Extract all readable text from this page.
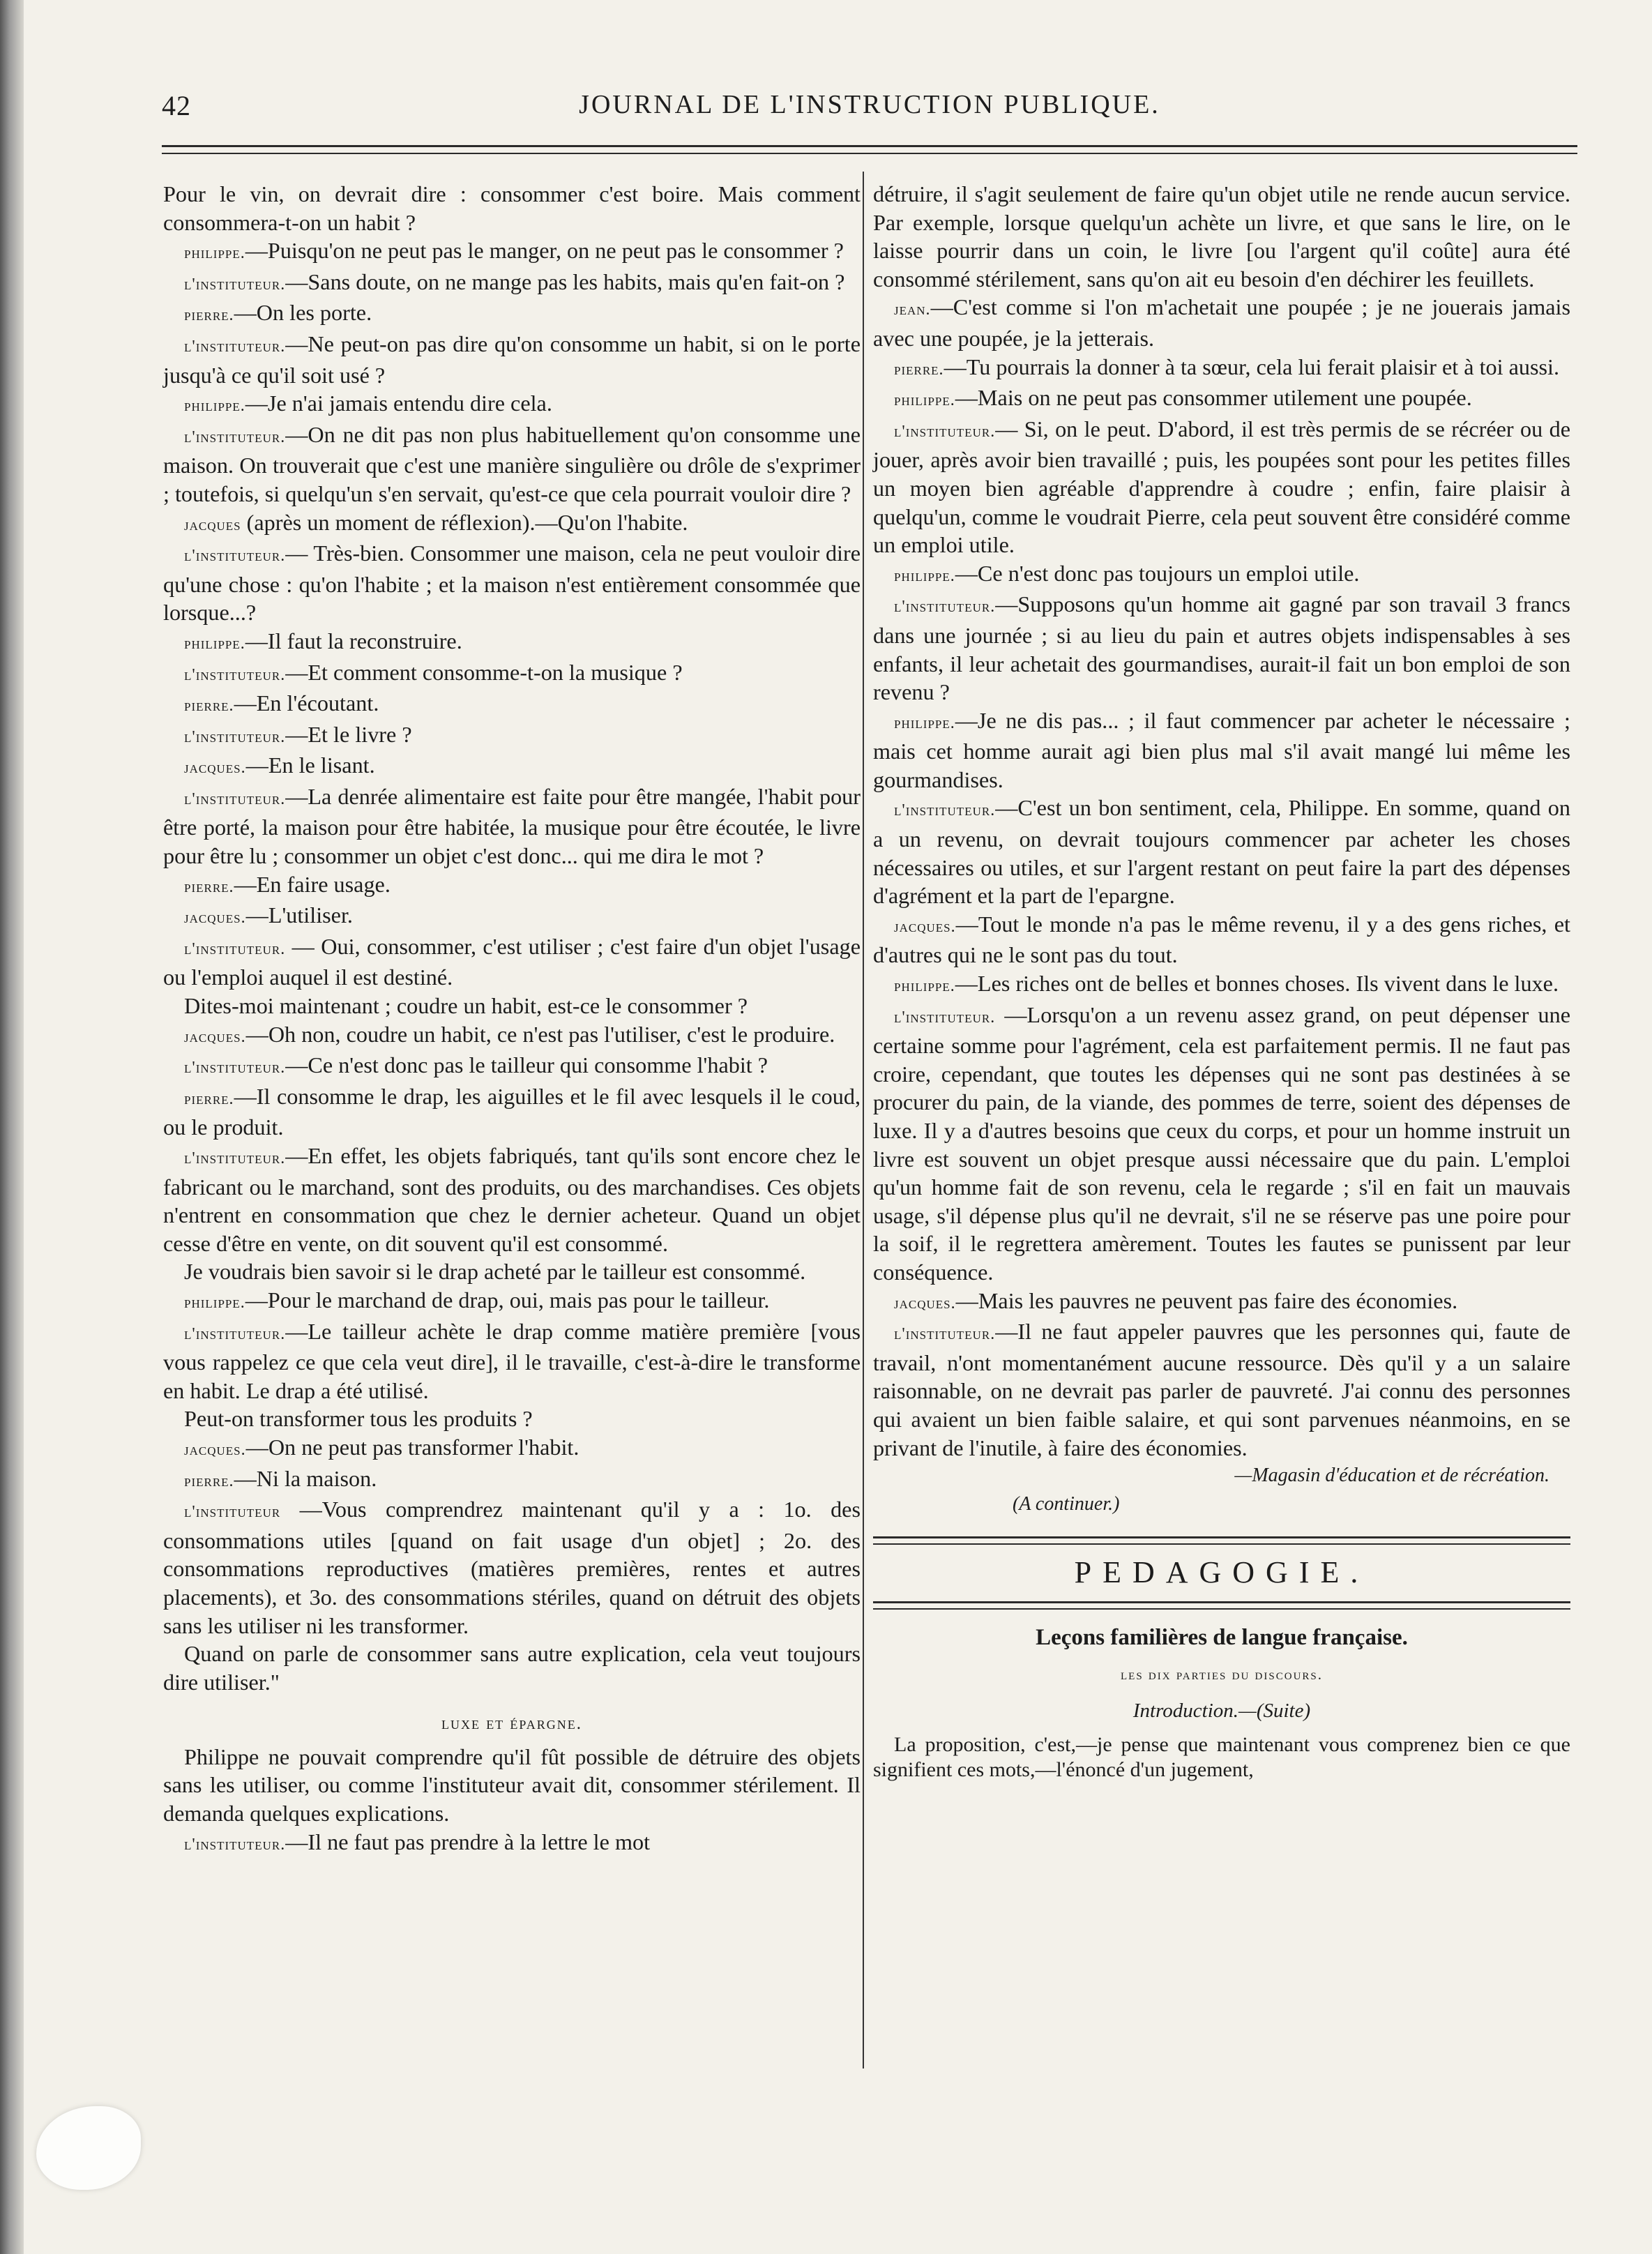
42	JOURNAL DE L'INSTRUCTION PUBLIQUE.

Pour le vin, on devrait dire : consommer c'est boire. Mais comment consommera-t-on un habit ?

philippe.—Puisqu'on ne peut pas le manger, on ne peut pas le consommer ?

l'instituteur.—Sans doute, on ne mange pas les habits, mais qu'en fait-on ?

pierre.—On les porte.

l'instituteur.—Ne peut-on pas dire qu'on consomme un habit, si on le porte jusqu'à ce qu'il soit usé ?

philippe.—Je n'ai jamais entendu dire cela.

l'instituteur.—On ne dit pas non plus habituellement qu'on consomme une maison. On trouverait que c'est une manière singulière ou drôle de s'exprimer ; toutefois, si quelqu'un s'en servait, qu'est-ce que cela pourrait vouloir dire ?

jacques (après un moment de réflexion).—Qu'on l'habite.

l'instituteur.— Très-bien. Consommer une maison, cela ne peut vouloir dire qu'une chose : qu'on l'habite ; et la maison n'est entièrement consommée que lorsque...?

philippe.—Il faut la reconstruire.

l'instituteur.—Et comment consomme-t-on la musique ?

pierre.—En l'écoutant.

l'instituteur.—Et le livre ?

jacques.—En le lisant.

l'instituteur.—La denrée alimentaire est faite pour être mangée, l'habit pour être porté, la maison pour être habitée, la musique pour être écoutée, le livre pour être lu ; consommer un objet c'est donc... qui me dira le mot ?

pierre.—En faire usage.

jacques.—L'utiliser.

l'instituteur. — Oui, consommer, c'est utiliser ; c'est faire d'un objet l'usage ou l'emploi auquel il est destiné.

Dites-moi maintenant ; coudre un habit, est-ce le consommer ?

jacques.—Oh non, coudre un habit, ce n'est pas l'utiliser, c'est le produire.

l'instituteur.—Ce n'est donc pas le tailleur qui consomme l'habit ?

pierre.—Il consomme le drap, les aiguilles et le fil avec lesquels il le coud, ou le produit.

l'instituteur.—En effet, les objets fabriqués, tant qu'ils sont encore chez le fabricant ou le marchand, sont des produits, ou des marchandises. Ces objets n'entrent en consommation que chez le dernier acheteur. Quand un objet cesse d'être en vente, on dit souvent qu'il est consommé.

Je voudrais bien savoir si le drap acheté par le tailleur est consommé.

philippe.—Pour le marchand de drap, oui, mais pas pour le tailleur.

l'instituteur.—Le tailleur achète le drap comme matière première [vous vous rappelez ce que cela veut dire], il le travaille, c'est-à-dire le transforme en habit. Le drap a été utilisé.

Peut-on transformer tous les produits ?

jacques.—On ne peut pas transformer l'habit.

pierre.—Ni la maison.

l'instituteur —Vous comprendrez maintenant qu'il y a : 1o. des consommations utiles [quand on fait usage d'un objet] ; 2o. des consommations reproductives (matières premières, rentes et autres placements), et 3o. des consommations stériles, quand on détruit des objets sans les utiliser ni les transformer.

Quand on parle de consommer sans autre explication, cela veut toujours dire utiliser."

luxe et épargne.

Philippe ne pouvait comprendre qu'il fût possible de détruire des objets sans les utiliser, ou comme l'instituteur avait dit, consommer stérilement. Il demanda quelques explications.

l'instituteur.—Il ne faut pas prendre à la lettre le mot

détruire, il s'agit seulement de faire qu'un objet utile ne rende aucun service. Par exemple, lorsque quelqu'un achète un livre, et que sans le lire, on le laisse pourrir dans un coin, le livre [ou l'argent qu'il coûte] aura été consommé stérilement, sans qu'on ait eu besoin d'en déchirer les feuillets.

jean.—C'est comme si l'on m'achetait une poupée ; je ne jouerais jamais avec une poupée, je la jetterais.

pierre.—Tu pourrais la donner à ta sœur, cela lui ferait plaisir et à toi aussi.

philippe.—Mais on ne peut pas consommer utilement une poupée.

l'instituteur.— Si, on le peut. D'abord, il est très permis de se récréer ou de jouer, après avoir bien travaillé ; puis, les poupées sont pour les petites filles un moyen bien agréable d'apprendre à coudre ; enfin, faire plaisir à quelqu'un, comme le voudrait Pierre, cela peut souvent être considéré comme un emploi utile.

philippe.—Ce n'est donc pas toujours un emploi utile.

l'instituteur.—Supposons qu'un homme ait gagné par son travail 3 francs dans une journée ; si au lieu du pain et autres objets indispensables à ses enfants, il leur achetait des gourmandises, aurait-il fait un bon emploi de son revenu ?

philippe.—Je ne dis pas... ; il faut commencer par acheter le nécessaire ; mais cet homme aurait agi bien plus mal s'il avait mangé lui même les gourmandises.

l'instituteur.—C'est un bon sentiment, cela, Philippe. En somme, quand on a un revenu, on devrait toujours commencer par acheter les choses nécessaires ou utiles, et sur l'argent restant on peut faire la part des dépenses d'agrément et la part de l'epargne.

jacques.—Tout le monde n'a pas le même revenu, il y a des gens riches, et d'autres qui ne le sont pas du tout.

philippe.—Les riches ont de belles et bonnes choses. Ils vivent dans le luxe.

l'instituteur. —Lorsqu'on a un revenu assez grand, on peut dépenser une certaine somme pour l'agrément, cela est parfaitement permis. Il ne faut pas croire, cependant, que toutes les dépenses qui ne sont pas destinées à se procurer du pain, de la viande, des pommes de terre, soient des dépenses de luxe. Il y a d'autres besoins que ceux du corps, et pour un homme instruit un livre est souvent un objet presque aussi nécessaire que du pain. L'emploi qu'un homme fait de son revenu, cela le regarde ; s'il en fait un mauvais usage, s'il dépense plus qu'il ne devrait, s'il ne se réserve pas une poire pour la soif, il le regrettera amèrement. Toutes les fautes se punissent par leur conséquence.

jacques.—Mais les pauvres ne peuvent pas faire des économies.

l'instituteur.—Il ne faut appeler pauvres que les personnes qui, faute de travail, n'ont momentanément aucune ressource. Dès qu'il y a un salaire raisonnable, on ne devrait pas parler de pauvreté. J'ai connu des personnes qui avaient un bien faible salaire, et qui sont parvenues néanmoins, en se privant de l'inutile, à faire des économies.

—Magasin d'éducation et de récréation.

(A continuer.)

PEDAGOGIE.
Leçons familières de langue française.
les dix parties du discours.
Introduction.—(Suite)

La proposition, c'est,—je pense que maintenant vous comprenez bien ce que signifient ces mots,—l'énoncé d'un jugement,
